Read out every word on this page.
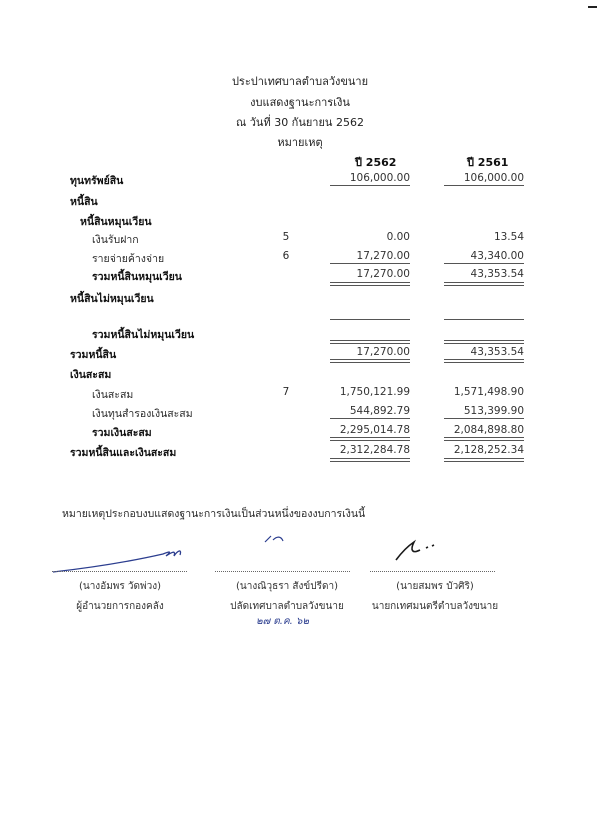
ประปาเทศบาลตำบลวังขนาย
งบแสดงฐานะการเงิน
ณ วันที่ 30 กันยายน 2562
หมายเหตุ
ปี 2562	ปี 2561
ทุนทรัพย์สิน	106,000.00	106,000.00
หนี้สิน
หนี้สินหมุนเวียน
เงินรับฝาก	5	0.00	13.54
รายจ่ายค้างจ่าย	6	17,270.00	43,340.00
รวมหนี้สินหมุนเวียน	17,270.00	43,353.54
หนี้สินไม่หมุนเวียน
รวมหนี้สินไม่หมุนเวียน
รวมหนี้สิน	17,270.00	43,353.54
เงินสะสม
เงินสะสม	7	1,750,121.99	1,571,498.90
เงินทุนสำรองเงินสะสม	544,892.79	513,399.90
รวมเงินสะสม	2,295,014.78	2,084,898.80
รวมหนี้สินและเงินสะสม	2,312,284.78	2,128,252.34
หมายเหตุประกอบงบแสดงฐานะการเงินเป็นส่วนหนึ่งของงบการเงินนี้
(นางอัมพร วัดพ่วง)
ผู้อำนวยการกองคลัง
(นางณิวุธรา สังข์ปรีดา)
ปลัดเทศบาลตำบลวังขนาย
๒๗ ต.ค. ๖๒
(นายสมพร บัวศิริ)
นายกเทศมนตรีตำบลวังขนาย
